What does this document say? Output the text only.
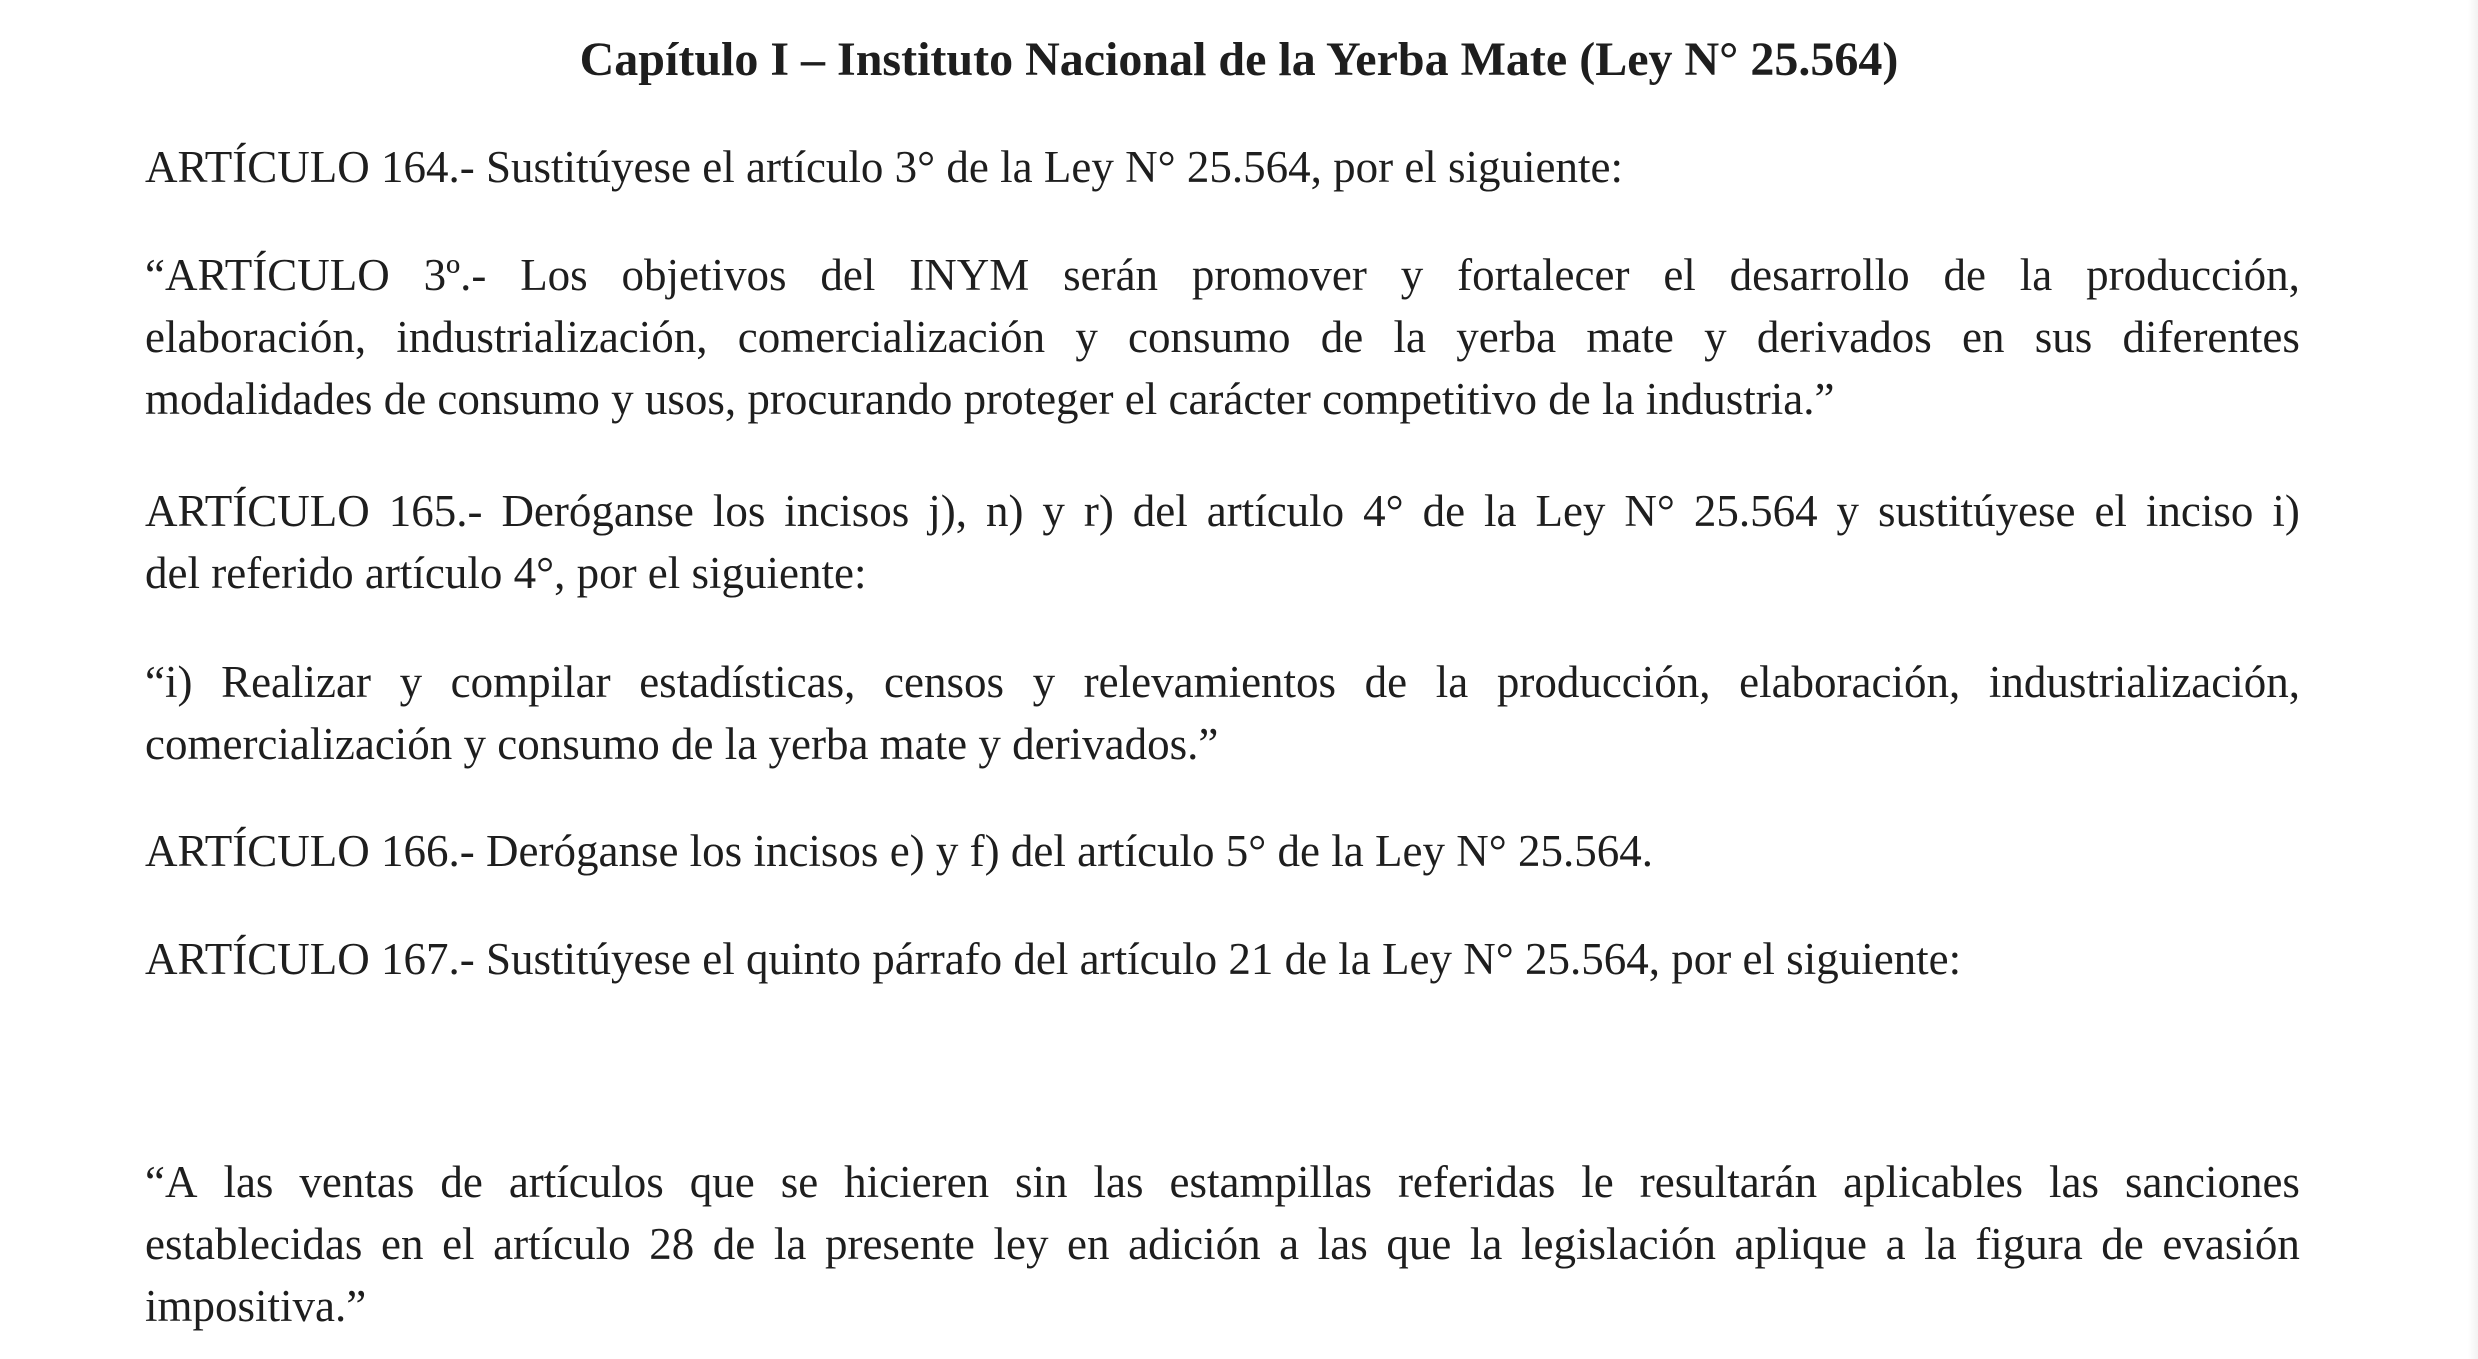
Capítulo I – Instituto Nacional de la Yerba Mate (Ley N° 25.564)
ARTÍCULO 164.- Sustitúyese el artículo 3° de la Ley N° 25.564, por el siguiente:
“ARTÍCULO 3º.- Los objetivos del INYM serán promover y fortalecer el desarrollo de la producción,
elaboración, industrialización, comercialización y consumo de la yerba mate y derivados en sus diferentes
modalidades de consumo y usos, procurando proteger el carácter competitivo de la industria.”
ARTÍCULO 165.- Deróganse los incisos j), n) y r) del artículo 4° de la Ley N° 25.564 y sustitúyese el inciso i)
del referido artículo 4°, por el siguiente:
“i) Realizar y compilar estadísticas, censos y relevamientos de la producción, elaboración, industrialización,
comercialización y consumo de la yerba mate y derivados.”
ARTÍCULO 166.- Deróganse los incisos e) y f) del artículo 5° de la Ley N° 25.564.
ARTÍCULO 167.- Sustitúyese el quinto párrafo del artículo 21 de la Ley N° 25.564, por el siguiente:
“A las ventas de artículos que se hicieren sin las estampillas referidas le resultarán aplicables las sanciones
establecidas en el artículo 28 de la presente ley en adición a las que la legislación aplique a la figura de evasión
impositiva.”
